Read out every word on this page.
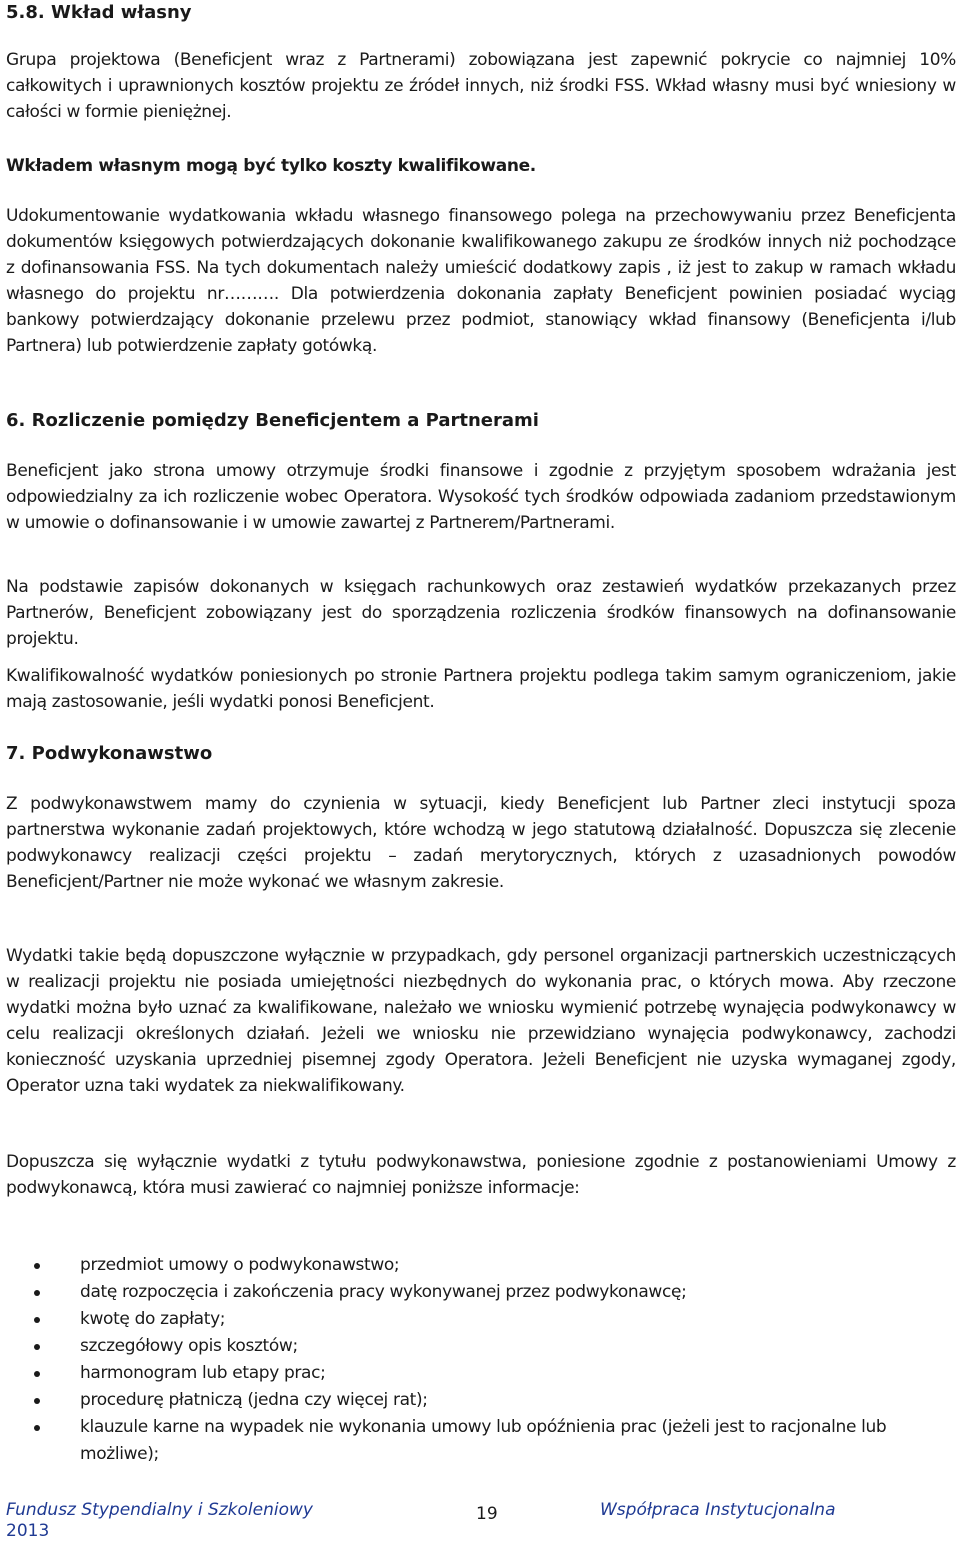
5.8. Wkład własny

Grupa projektowa (Beneficjent wraz z Partnerami) zobowiązana jest zapewnić pokrycie co najmniej 10% całkowitych i uprawnionych kosztów projektu ze źródeł innych, niż środki FSS. Wkład własny musi być wniesiony w całości w formie pieniężnej.

Wkładem własnym mogą być tylko koszty kwalifikowane.

Udokumentowanie wydatkowania wkładu własnego finansowego polega na przechowywaniu przez Beneficjenta dokumentów księgowych potwierdzających dokonanie kwalifikowanego zakupu ze środków innych niż pochodzące z dofinansowania FSS. Na tych dokumentach należy umieścić dodatkowy zapis , iż jest to zakup w ramach wkładu własnego do projektu nr………. Dla potwierdzenia dokonania zapłaty Beneficjent powinien posiadać wyciąg bankowy potwierdzający dokonanie przelewu przez podmiot, stanowiący wkład finansowy (Beneficjenta i/lub Partnera) lub potwierdzenie zapłaty gotówką.

6. Rozliczenie pomiędzy Beneficjentem a Partnerami

Beneficjent jako strona umowy otrzymuje środki finansowe i zgodnie z przyjętym sposobem wdrażania jest odpowiedzialny za ich rozliczenie wobec Operatora. Wysokość tych środków odpowiada zadaniom przedstawionym w umowie o dofinansowanie i w umowie zawartej z Partnerem/Partnerami.

Na podstawie zapisów dokonanych w księgach rachunkowych oraz zestawień wydatków przekazanych przez Partnerów, Beneficjent zobowiązany jest do sporządzenia rozliczenia środków finansowych na dofinansowanie projektu.

Kwalifikowalność wydatków poniesionych po stronie Partnera projektu podlega takim samym ograniczeniom, jakie mają zastosowanie, jeśli wydatki ponosi Beneficjent.

7. Podwykonawstwo

Z podwykonawstwem mamy do czynienia w sytuacji, kiedy Beneficjent lub Partner zleci instytucji spoza partnerstwa wykonanie zadań projektowych, które wchodzą w jego statutową działalność. Dopuszcza się zlecenie podwykonawcy realizacji części projektu – zadań merytorycznych, których z uzasadnionych powodów Beneficjent/Partner nie może wykonać we własnym zakresie.

Wydatki takie będą dopuszczone wyłącznie w przypadkach, gdy personel organizacji partnerskich uczestniczących w realizacji projektu nie posiada umiejętności niezbędnych do wykonania prac, o których mowa. Aby rzeczone wydatki można było uznać za kwalifikowane, należało we wniosku wymienić potrzebę wynajęcia podwykonawcy w celu realizacji określonych działań. Jeżeli we wniosku nie przewidziano wynajęcia podwykonawcy, zachodzi konieczność uzyskania uprzedniej pisemnej zgody Operatora. Jeżeli Beneficjent nie uzyska wymaganej zgody, Operator uzna taki wydatek za niekwalifikowany.

Dopuszcza się wyłącznie wydatki z tytułu podwykonawstwa, poniesione zgodnie z postanowieniami Umowy z podwykonawcą, która musi zawierać co najmniej poniższe informacje:

przedmiot umowy o podwykonawstwo;
datę rozpoczęcia i zakończenia pracy wykonywanej przez podwykonawcę;
kwotę do zapłaty;
szczegółowy opis kosztów;
harmonogram lub etapy prac;
procedurę płatniczą (jedna czy więcej rat);
klauzule karne na wypadek nie wykonania umowy lub opóźnienia prac (jeżeli jest to racjonalne lub możliwe);
Fundusz Stypendialny i Szkoleniowy
2013
19	Współpraca Instytucjonalna
